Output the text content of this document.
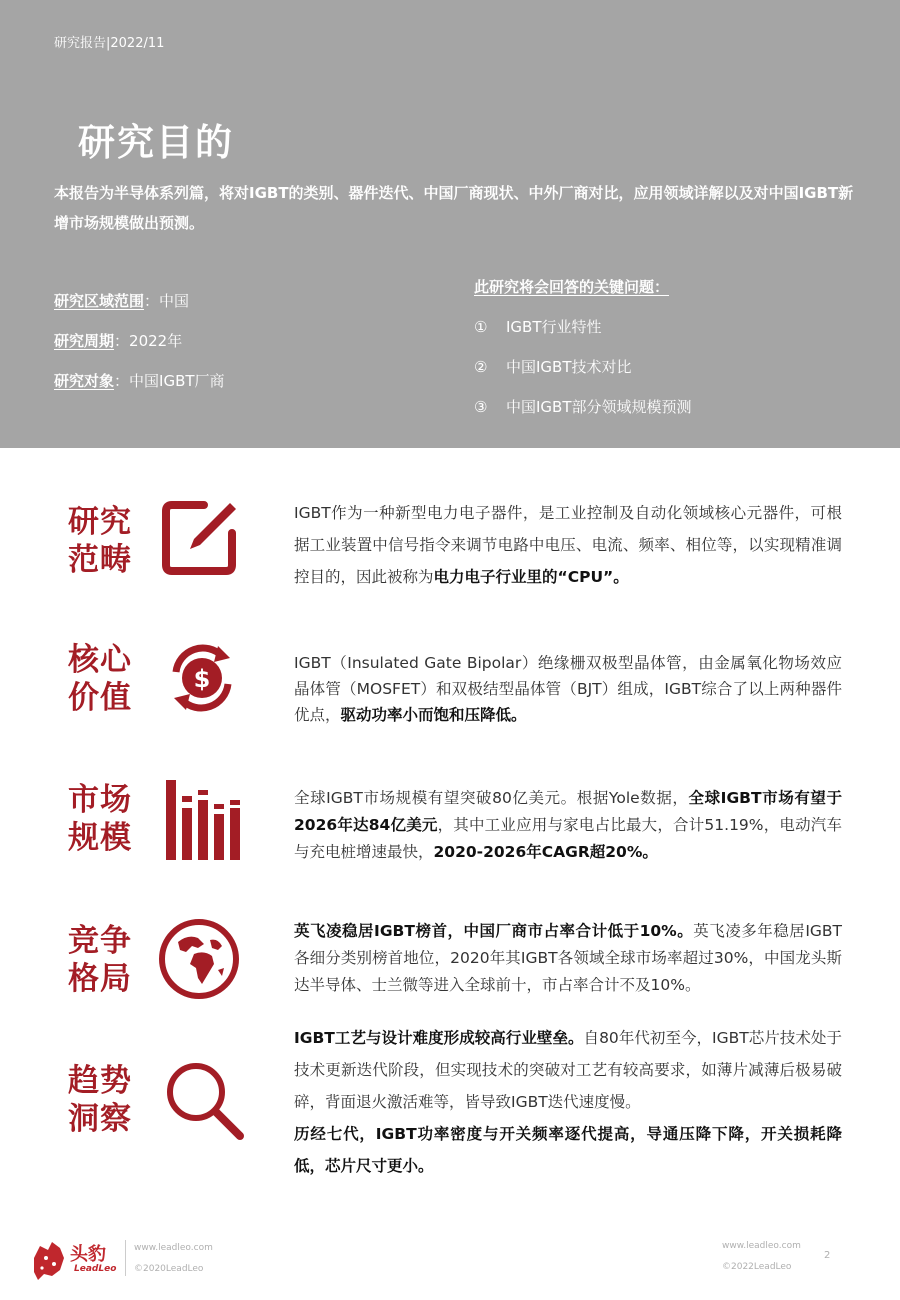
研究报告|2022/11
研究目的
本报告为半导体系列篇，将对IGBT的类别、器件迭代、中国厂商现状、中外厂商对比，应用领域详解以及对中国IGBT新增市场规模做出预测。
研究区域范围：中国
研究周期：2022年
研究对象：中国IGBT厂商
此研究将会回答的关键问题：
① IGBT行业特性
② 中国IGBT技术对比
③ 中国IGBT部分领域规模预测
研究
范畴
IGBT作为一种新型电力电子器件，是工业控制及自动化领域核心元器件，可根据工业装置中信号指令来调节电路中电压、电流、频率、相位等，以实现精准调控目的，因此被称为电力电子行业里的“CPU”。
核心
价值
$
IGBT（Insulated Gate Bipolar）绝缘栅双极型晶体管，由金属氧化物场效应晶体管（MOSFET）和双极结型晶体管（BJT）组成，IGBT综合了以上两种器件优点，驱动功率小而饱和压降低。
市场
规模
全球IGBT市场规模有望突破80亿美元。根据Yole数据，全球IGBT市场有望于2026年达84亿美元，其中工业应用与家电占比最大，合计51.19%，电动汽车与充电桩增速最快，2020-2026年CAGR超20%。
竞争
格局
英飞凌稳居IGBT榜首，中国厂商市占率合计低于10%。英飞凌多年稳居IGBT各细分类别榜首地位，2020年其IGBT各领域全球市场率超过30%，中国龙头斯达半导体、士兰微等进入全球前十，市占率合计不及10%。
趋势
洞察
IGBT工艺与设计难度形成较高行业壁垒。自80年代初至今，IGBT芯片技术处于技术更新迭代阶段，但实现技术的突破对工艺有较高要求，如薄片减薄后极易破碎，背面退火激活难等，皆导致IGBT迭代速度慢。
历经七代，IGBT功率密度与开关频率逐代提高，导通压降下降，开关损耗降低，芯片尺寸更小。
头豹
LeadLeo
www.leadleo.com
©2020LeadLeo
www.leadleo.com
©2022LeadLeo
2
